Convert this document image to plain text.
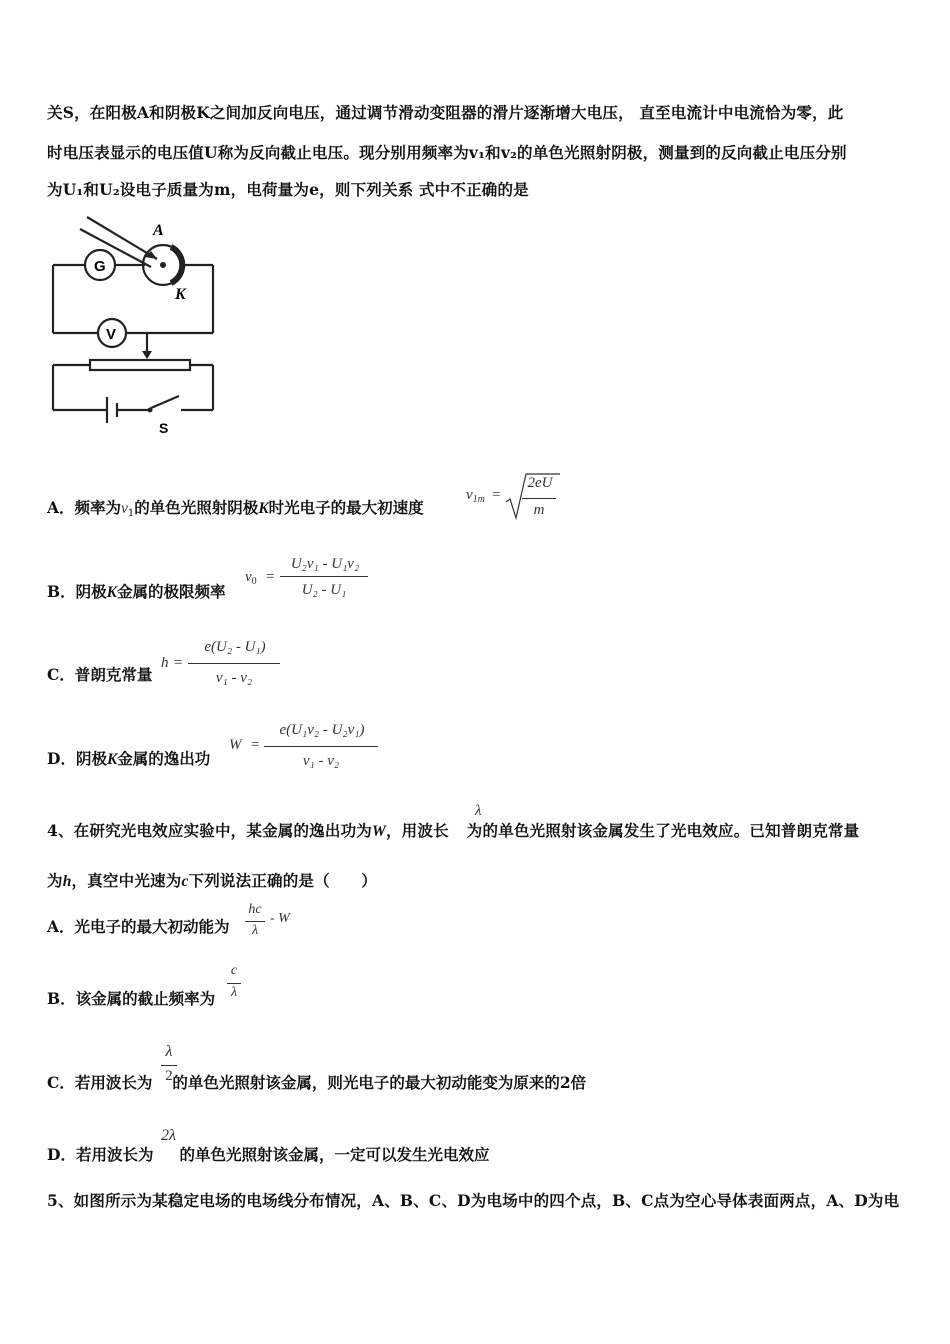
关S，在阳极A和阴极K之间加反向电压，通过调节滑动变阻器的滑片逐渐增大电压， 直至电流计中电流恰为零，此
时电压表显示的电压值U称为反向截止电压。现分别用频率为v₁和v₂的单色光照射阴极，测量到的反向截止电压分别
为U₁和U₂设电子质量为m，电荷量为e，则下列关系 式中不正确的是
A
K
G
V
S
A．频率为$v_1$的单色光照射阴极K时光电子的最大初速度
$v_{1m}$ =
2eU
m
B．阴极K金属的极限频率
$v_0$ =
U₂v₁ - U₁v₂
U₂ - U₁
C．普朗克常量
h =
e(U₂ - U₁)
v₁ - v₂
D．阴极K金属的逸出功
W =
e(U₁v₂ - U₂v₁)
v₁ - v₂
4、在研究光电效应实验中，某金属的逸出功为W，用波长 为的单色光照射该金属发生了光电效应。已知普朗克常量
λ
为h，真空中光速为c下列说法正确的是（　　）
A．光电子的最大初动能为
hc
λ
- W
B．该金属的截止频率为
c
λ
C．若用波长为 的单色光照射该金属，则光电子的最大初动能变为原来的2倍
λ
2
D．若用波长为 的单色光照射该金属，一定可以发生光电效应
2λ
5、如图所示为某稳定电场的电场线分布情况，A、B、C、D为电场中的四个点，B、C点为空心导体表面两点，A、D为电
